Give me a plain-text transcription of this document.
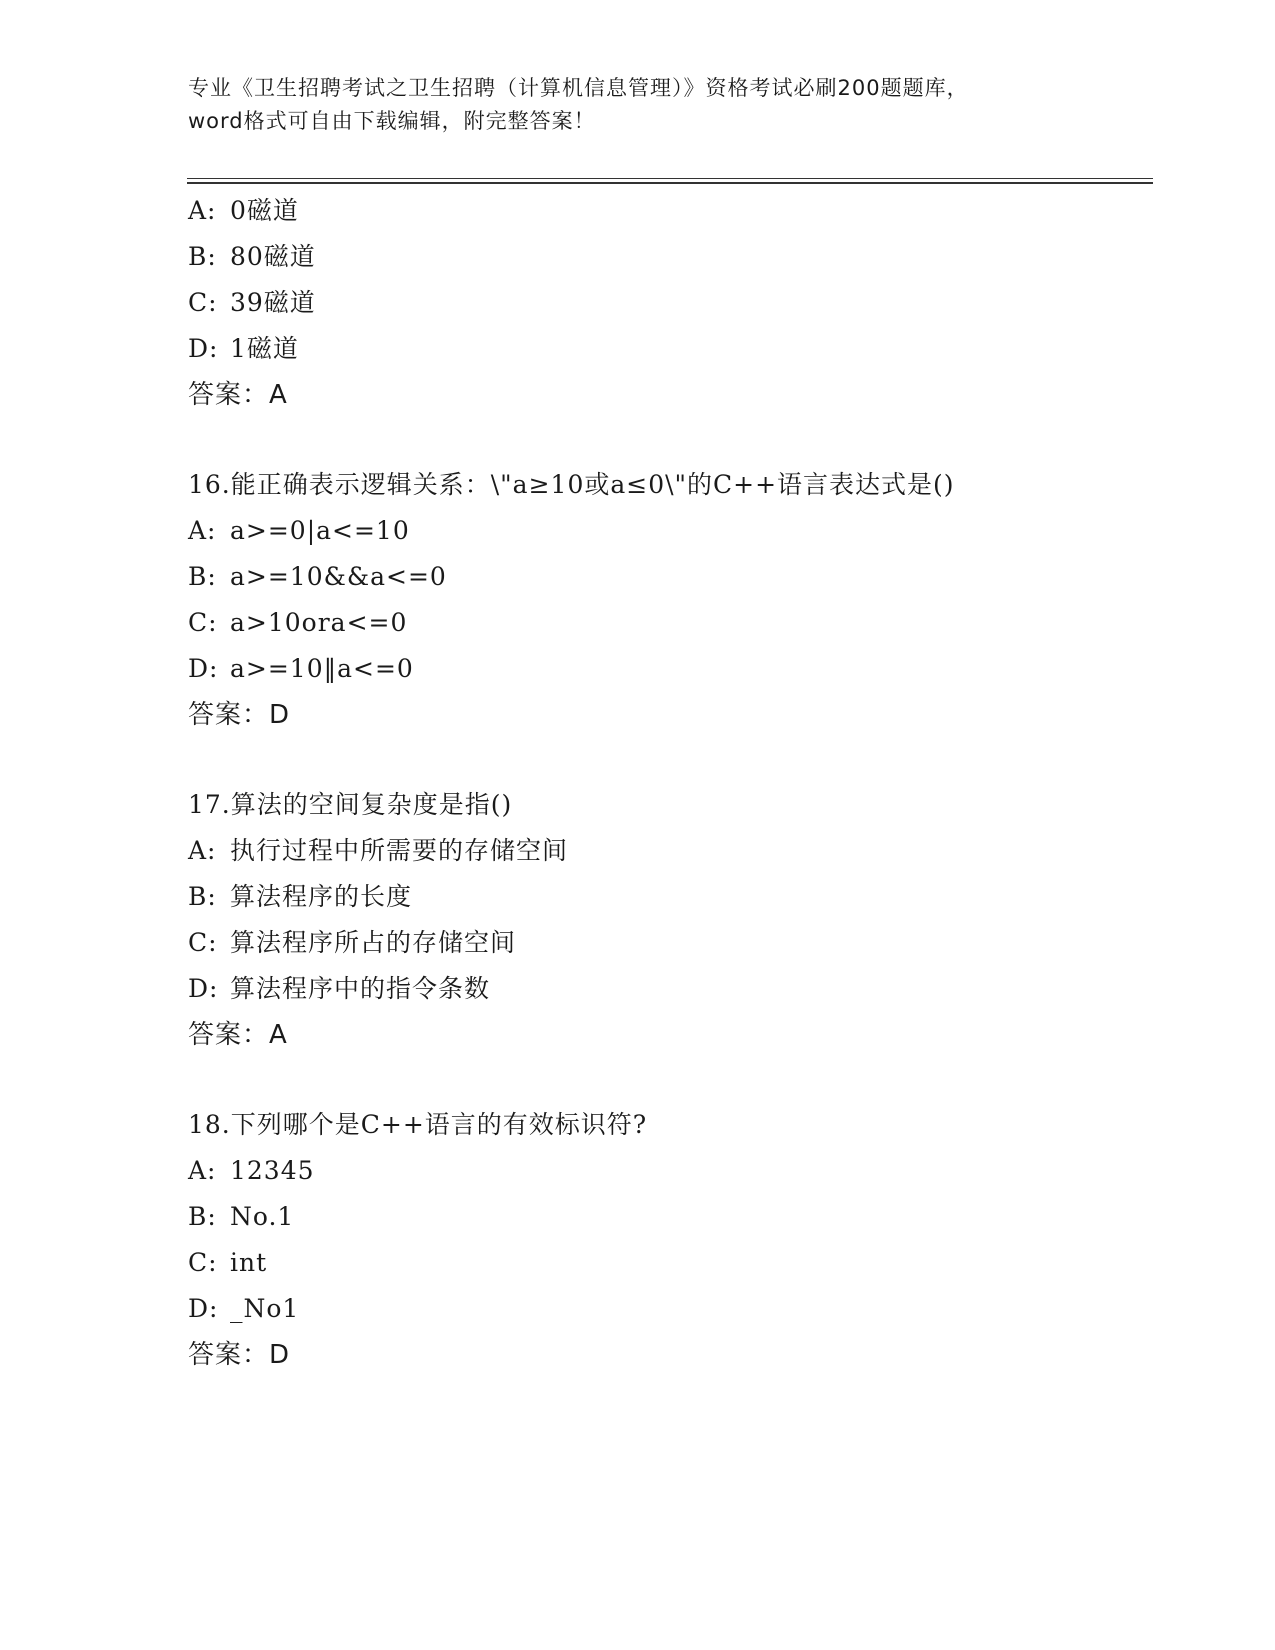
专业《卫生招聘考试之卫生招聘（计算机信息管理）》资格考试必刷200题题库，
word格式可自由下载编辑，附完整答案！
A: 0磁道
B: 80磁道
C: 39磁道
D: 1磁道
答案：A
16.能正确表示逻辑关系：\"a≥10或a≤0\"的C++语言表达式是()
A: a>=0|a<=10
B: a>=10&&a<=0
C: a>10ora<=0
D: a>=10‖a<=0
答案：D
17.算法的空间复杂度是指()
A: 执行过程中所需要的存储空间
B: 算法程序的长度
C: 算法程序所占的存储空间
D: 算法程序中的指令条数
答案：A
18.下列哪个是C++语言的有效标识符?
A: 12345
B: No.1
C: int
D: _No1
答案：D
